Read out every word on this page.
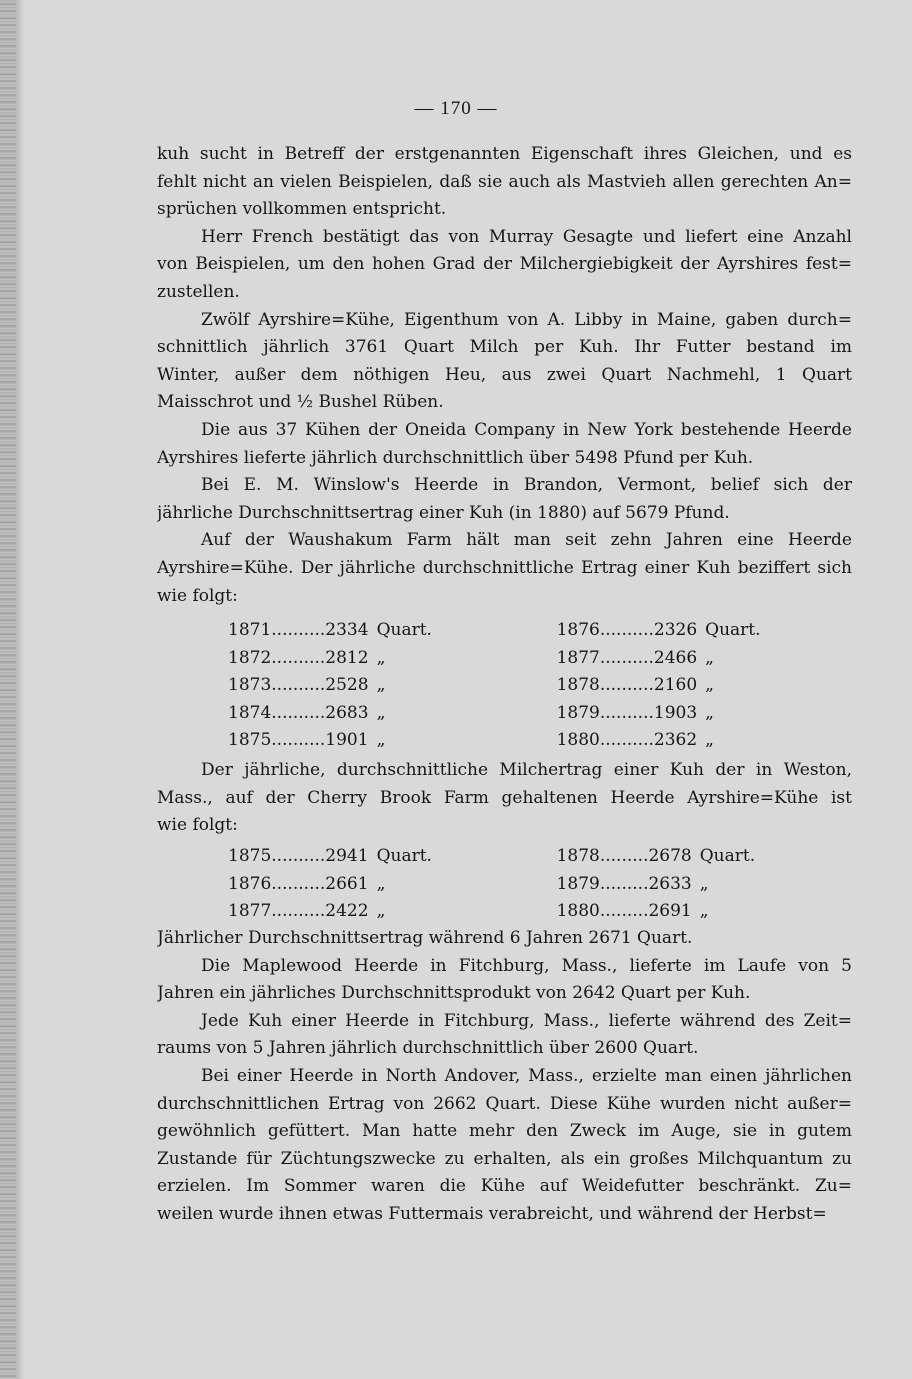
— 170 —
kuh sucht in Betreff der erstgenannten Eigenschaft ihres Gleichen, und es
fehlt nicht an vielen Beispielen, daß sie auch als Mastvieh allen gerechten An=
sprüchen vollkommen entspricht.
Herr French bestätigt das von Murray Gesagte und liefert eine Anzahl
von Beispielen, um den hohen Grad der Milchergiebigkeit der Ayrshires fest=
zustellen.
Zwölf Ayrshire=Kühe, Eigenthum von A. Libby in Maine, gaben durch=
schnittlich jährlich 3761 Quart Milch per Kuh. Ihr Futter bestand im
Winter, außer dem nöthigen Heu, aus zwei Quart Nachmehl, 1 Quart
Maisschrot und ½ Bushel Rüben.
Die aus 37 Kühen der Oneida Company in New York bestehende Heerde
Ayrshires lieferte jährlich durchschnittlich über 5498 Pfund per Kuh.
Bei E. M. Winslow's Heerde in Brandon, Vermont, belief sich der
jährliche Durchschnittsertrag einer Kuh (in 1880) auf 5679 Pfund.
Auf der Waushakum Farm hält man seit zehn Jahren eine Heerde
Ayrshire=Kühe. Der jährliche durchschnittliche Ertrag einer Kuh beziffert sich
wie folgt:
1871..........2334	Quart.	1876..........2326	Quart.
1872..........2812	„	1877..........2466	„
1873..........2528	„	1878..........2160	„
1874..........2683	„	1879..........1903	„
1875..........1901	„	1880..........2362	„
Der jährliche, durchschnittliche Milchertrag einer Kuh der in Weston,
Mass., auf der Cherry Brook Farm gehaltenen Heerde Ayrshire=Kühe ist
wie folgt:
1875..........2941	Quart.	1878.........2678	Quart.
1876..........2661	„	1879.........2633	„
1877..........2422	„	1880.........2691	„
Jährlicher Durchschnittsertrag während 6 Jahren 2671 Quart.
Die Maplewood Heerde in Fitchburg, Mass., lieferte im Laufe von 5
Jahren ein jährliches Durchschnittsprodukt von 2642 Quart per Kuh.
Jede Kuh einer Heerde in Fitchburg, Mass., lieferte während des Zeit=
raums von 5 Jahren jährlich durchschnittlich über 2600 Quart.
Bei einer Heerde in North Andover, Mass., erzielte man einen jährlichen
durchschnittlichen Ertrag von 2662 Quart. Diese Kühe wurden nicht außer=
gewöhnlich gefüttert. Man hatte mehr den Zweck im Auge, sie in gutem
Zustande für Züchtungszwecke zu erhalten, als ein großes Milchquantum zu
erzielen. Im Sommer waren die Kühe auf Weidefutter beschränkt. Zu=
weilen wurde ihnen etwas Futtermais verabreicht, und während der Herbst=
